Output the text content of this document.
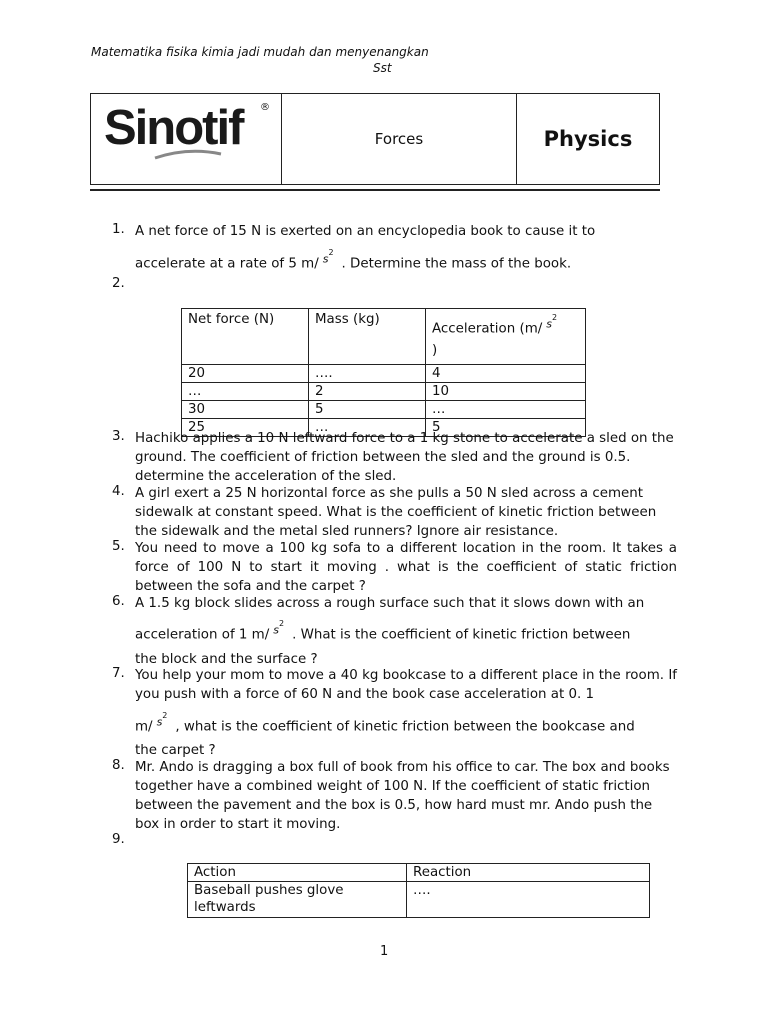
Matematika fisika kimia jadi mudah dan menyenangkan
Sst
Sinotif ®
Forces	Physics
1. A net force of 15 N is exerted on an encyclopedia book to cause it to
accelerate at a rate of 5 m/ $s^2$. Determine the mass of the book.
2.
Net force (N)	Mass (kg)	Acceleration (m/ $s^2$
)
20	….	4
…	2	10
30	5	…
25	…	5
3. Hachiko applies a 10 N leftward force to a 1 kg stone to accelerate a sled on the ground. The coefficient of friction between the sled and the ground is 0.5. determine the acceleration of the sled.
4. A girl exert a 25 N horizontal force as she pulls a 50 N sled across a cement sidewalk at constant speed. What is the coefficient of kinetic friction between the sidewalk and the metal sled runners? Ignore air resistance.
5. You need to move a 100 kg sofa to a different location in the room. It takes a force of 100 N to start it moving . what is the coefficient of static friction between the sofa and the carpet ?
6. A 1.5 kg block slides across a rough surface such that it slows down with an
acceleration of 1 m/ $s^2$. What is the coefficient of kinetic friction between
the block and the surface ?
7. You help your mom to move a 40 kg bookcase to a different place in the room. If you push with a force of 60 N and the book case acceleration at 0. 1
m/ $s^2$, what is the coefficient of kinetic friction between the bookcase and
the carpet ?
8. Mr. Ando is dragging a box full of book from his office to car. The box and books together have a combined weight of 100 N. If the coefficient of static friction between the pavement and the box is 0.5, how hard must mr. Ando push the box in order to start it moving.
9.
Action	Reaction
Baseball pushes glove leftwards	….
1
